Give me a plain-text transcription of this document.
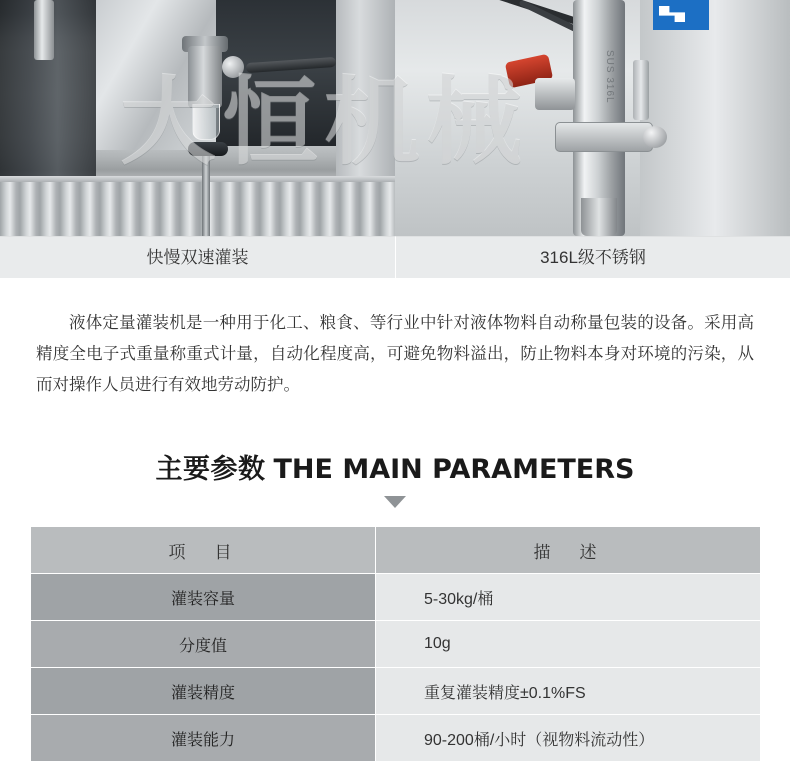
快慢双速灌装
SUS 316L
316L级不锈钢
大恒机械

液体定量灌装机是一种用于化工、粮食、等行业中针对液体物料自动称量包装的设备。采用高精度全电子式重量称重式计量，自动化程度高，可避免物料溢出，防止物料本身对环境的污染，从而对操作人员进行有效地劳动防护。

主要参数 THE MAIN PARAMETERS
项　目	描　述
灌装容量	5-30kg/桶
分度值	10g
灌装精度	重复灌装精度±0.1%FS
灌装能力	90-200桶/小时（视物料流动性）
